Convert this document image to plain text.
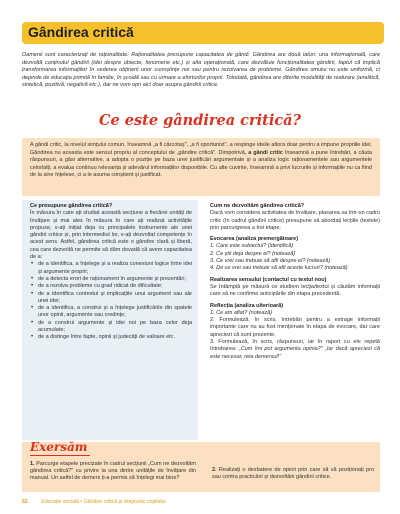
Gândirea critică

Oamenii sunt caracterizați de raționalitate. Raționalitatea presupune capacitatea de gândi. Gândirea are două laturi: una informațională, care dezvoltă conținutul gândirii (idei despre obiecte, fenomene etc.) și alta operațională, care dezvăluie funcționalitatea gândirii, faptul că implică transformarea informațiilor în vederea obținerii unor cunoștințe noi sau pentru rezolvarea de probleme. Gândirea omului nu este uniformă, ci depinde de educația primită în familie, în școală sau cu urmare a eforturilor proprii. Totodată, gândirea are diferite modalități de realizare (analitică, sintetică, pozitivă, negativă etc.), dar ne vom opri aici doar asupra gândirii critice.

Ce este gândirea critică?

A gândi critic, la nivelul simțului comun, înseamnă „a fi cârcotaș", „a fi oportunist", a respinge ideile altora doar pentru a impune propriile idei. Gândirea nu aceasta este sensul propriu al conceptului de „gândire critică". Dimpotrivă, a gândi critic înseamnă a pune întrebări, a căuta răspunsuri, a găsi alternative, a adopta o poziție pe baza unei justificări argumentate și a analiza logic raționamentele sau argumentele celorlalți, a evalua continuu relevanța și adevărul informațiilor disponibile. Cu alte cuvinte, înseamnă a privi lucrurile și informațiile nu ca fiind de la sine înțelese, ci a le asuma conștient și justificat.

Ce presupune gândirea critică?

În măsura în care ați studiat această secțiune a fiecărei unități de învățare și mai ales în măsura în care ați realizat activitățile propuse, v-ați inițiat deja cu principalele instrumente ale unei gândiri critice și, prin intermediul lor, v-ați dezvoltat competențe în acest sens. Astfel, gândirea critică este o gândire clară și liberă, cea care dezvoltă ne permite să dăm dovadă că avem capacitatea de a:

• de a identifica, a înțelege și a realiza conexiuni logice între idei și argumente proprii;
• de a detecta erori de raționament în argumente și prezentări;
• de a rezolva probleme cu grad ridicat de dificultate;
• de a identifica contextul și implicațiile unui argument sau ale unei idei;
• de a identifica, a construi și a înțelege justificările din spatele unor opinii, argumente sau credințe;
• de a construi argumente și idei noi pe baza celor deja acumulate;
• de a distinge între fapte, opinii și judecăți de valoare etc.
Cum ne dezvoltăm gândirea critică?

Dacă vom considera activitatea de învățare, plasarea sa într-un cadru critic (în cadrul gândirii critice) presupune să abordați lecțiile (textele) prin parcurgerea a trei etape:

Evocarea (analiza premergătoare)
1. Care este subiectul? (identifică)
2. Ce știi deja despre el? (notează)
3. Ce vrei sau trebuie să afli despre el? (notează)
4. De ce vrei sau trebuie să afli aceste lucruri? (notează)
Realizarea sensului (contactul cu textul nou)

Se întâmplă pe măsură ce studiem lecția/textul și căutăm informații care să ne confirme anticipările din etapa precedentă.

Reflecția (analiza ulterioară)
1. Ce am aflat? (notează)

2. Formulează, în scris, întrebări pentru a extrage informații importante care nu au fost menționate în etapa de evocare, dar care apreciezi că sunt prezente.

3. Formulează, în scris, răspunsuri, iar în raport cu ele repetă întrebarea: „Cum îmi pot argumenta opinia?" „Iar dacă apreciezi că este necesar, reia demersul!"

Exersăm

1. Parcurge etapele precizate în cadrul secțiunii „Cum ne dezvoltăm gândirea critică?" cu privire la una dintre unitățile de învățare din manual. Un astfel de demers ți-a permis să înțelegi mai bine?

2. Realizați o dezbatere de opinii prin care să vă poziționați pro sau contra practicării și dezvoltării gândirii critice.

62	Educație socială • Gândire critică și drepturile copilului
